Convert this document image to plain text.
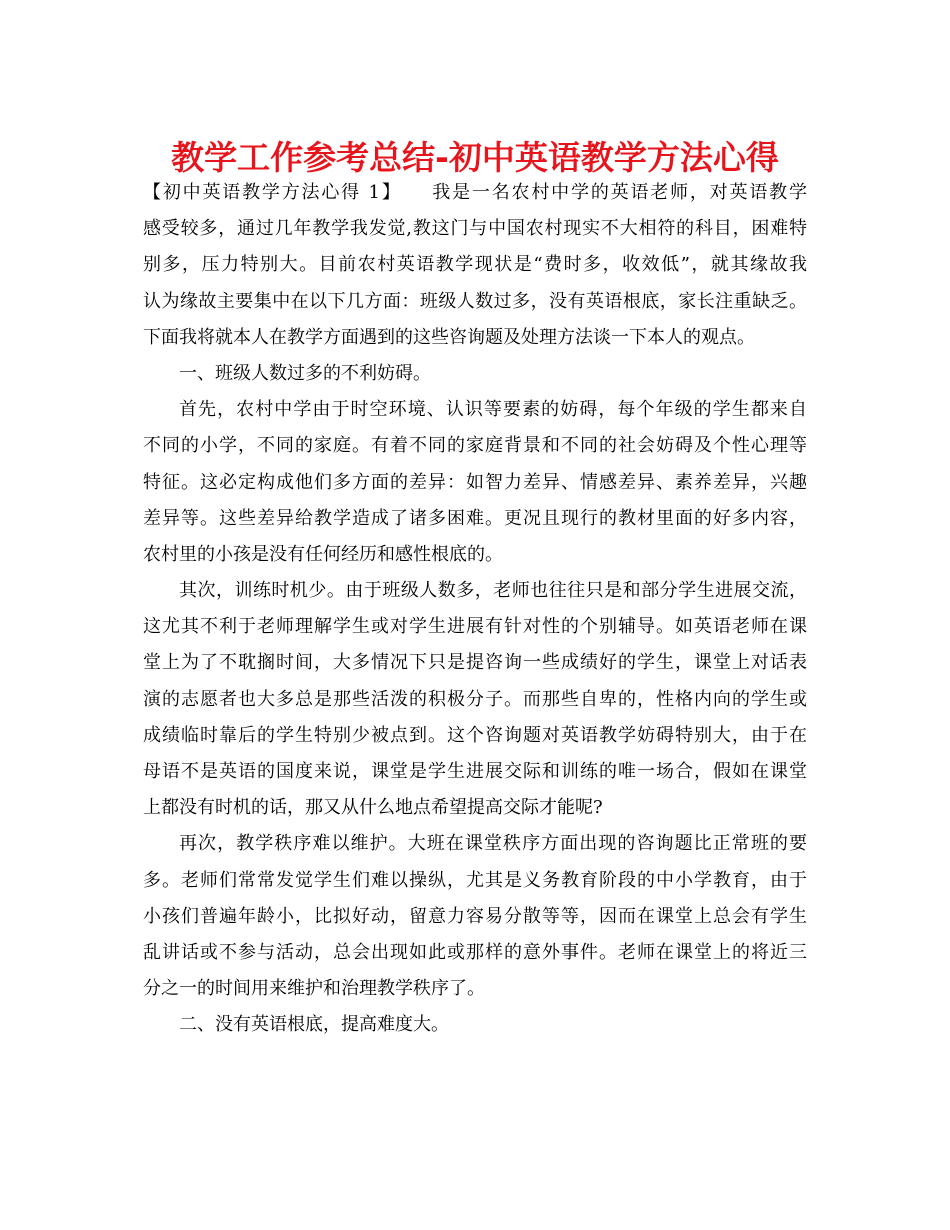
教学工作参考总结-初中英语教学方法心得
【初中英语教学方法心得 1】　　我是一名农村中学的英语老师，对英语教学
感受较多，通过几年教学我发觉,教这门与中国农村现实不大相符的科目，困难特
别多，压力特别大。目前农村英语教学现状是“费时多，收效低”，就其缘故我
认为缘故主要集中在以下几方面：班级人数过多，没有英语根底，家长注重缺乏。
下面我将就本人在教学方面遇到的这些咨询题及处理方法谈一下本人的观点。
一、班级人数过多的不利妨碍。
首先，农村中学由于时空环境、认识等要素的妨碍，每个年级的学生都来自
不同的小学，不同的家庭。有着不同的家庭背景和不同的社会妨碍及个性心理等
特征。这必定构成他们多方面的差异：如智力差异、情感差异、素养差异，兴趣
差异等。这些差异给教学造成了诸多困难。更况且现行的教材里面的好多内容，
农村里的小孩是没有任何经历和感性根底的。
其次，训练时机少。由于班级人数多，老师也往往只是和部分学生进展交流，
这尤其不利于老师理解学生或对学生进展有针对性的个别辅导。如英语老师在课
堂上为了不耽搁时间，大多情况下只是提咨询一些成绩好的学生，课堂上对话表
演的志愿者也大多总是那些活泼的积极分子。而那些自卑的，性格内向的学生或
成绩临时靠后的学生特别少被点到。这个咨询题对英语教学妨碍特别大，由于在
母语不是英语的国度来说，课堂是学生进展交际和训练的唯一场合，假如在课堂
上都没有时机的话，那又从什么地点希望提高交际才能呢?
再次，教学秩序难以维护。大班在课堂秩序方面出现的咨询题比正常班的要
多。老师们常常发觉学生们难以操纵，尤其是义务教育阶段的中小学教育，由于
小孩们普遍年龄小，比拟好动，留意力容易分散等等，因而在课堂上总会有学生
乱讲话或不参与活动，总会出现如此或那样的意外事件。老师在课堂上的将近三
分之一的时间用来维护和治理教学秩序了。
二、没有英语根底，提高难度大。
